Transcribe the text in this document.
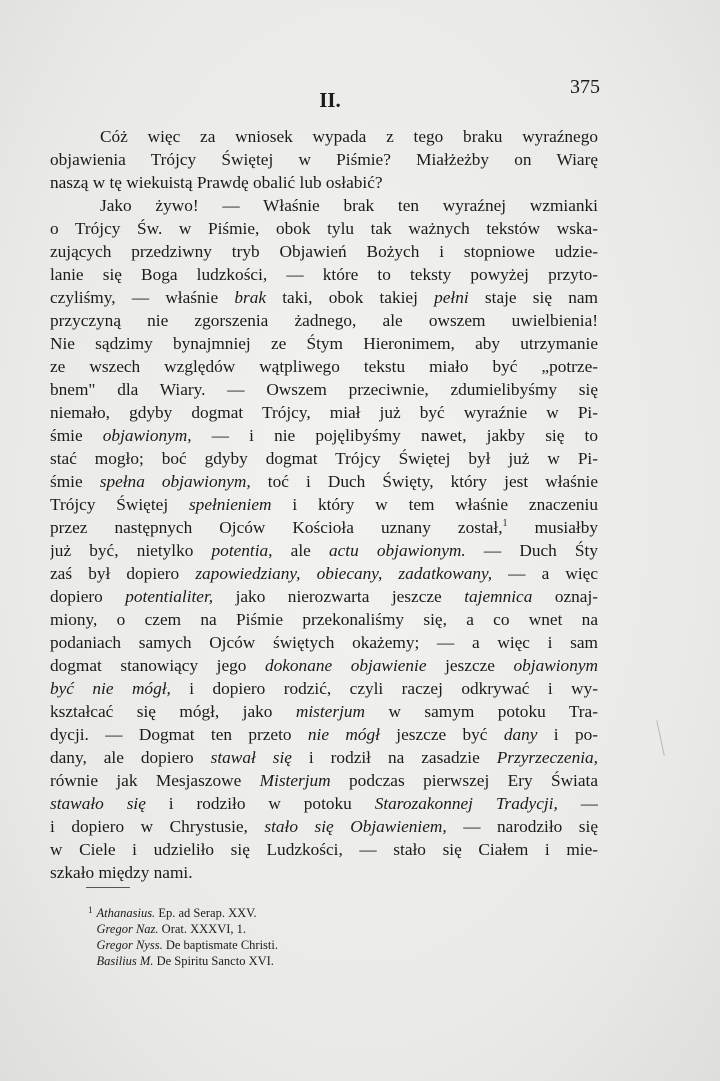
375
II.
Cóż więc za wniosek wypada z tego braku wyraźnego
objawienia Trójcy Świętej w Piśmie? Miałżeżby on Wiarę
naszą w tę wiekuistą Prawdę obalić lub osłabić?
Jako żywo! — Właśnie brak ten wyraźnej wzmianki
o Trójcy Św. w Piśmie, obok tylu tak ważnych tekstów wska-
zujących przedziwny tryb Objawień Bożych i stopniowe udzie-
lanie się Boga ludzkości, — które to teksty powyżej przyto-
czyliśmy, — właśnie brak taki, obok takiej pełni staje się nam
przyczyną nie zgorszenia żadnego, ale owszem uwielbienia!
Nie sądzimy bynajmniej ze Śtym Hieronimem, aby utrzymanie
ze wszech względów wątpliwego tekstu miało być „potrze-
bnem" dla Wiary. — Owszem przeciwnie, zdumielibyśmy się
niemało, gdyby dogmat Trójcy, miał już być wyraźnie w Pi-
śmie objawionym, — i nie pojęlibyśmy nawet, jakby się to
stać mogło; boć gdyby dogmat Trójcy Świętej był już w Pi-
śmie spełna objawionym, toć i Duch Święty, który jest właśnie
Trójcy Świętej spełnieniem i który w tem właśnie znaczeniu
przez następnych Ojców Kościoła uznany został,$^1$ musiałby
już być, nietylko potentia, ale actu objawionym. — Duch Śty
zaś był dopiero zapowiedziany, obiecany, zadatkowany, — a więc
dopiero potentialiter, jako nierozwarta jeszcze tajemnica oznaj-
miony, o czem na Piśmie przekonaliśmy się, a co wnet na
podaniach samych Ojców świętych okażemy; — a więc i sam
dogmat stanowiący jego dokonane objawienie jeszcze objawionym
być nie mógł, i dopiero rodzić, czyli raczej odkrywać i wy-
kształcać się mógł, jako misterjum w samym potoku Tra-
dycji. — Dogmat ten przeto nie mógł jeszcze być dany i po-
dany, ale dopiero stawał się i rodził na zasadzie Przyrzeczenia,
równie jak Mesjaszowe Misterjum podczas pierwszej Ery Świata
stawało się i rodziło w potoku Starozakonnej Tradycji, —
i dopiero w Chrystusie, stało się Objawieniem, — narodziło się
w Ciele i udzieliło się Ludzkości, — stało się Ciałem i mie-
szkało między nami.
$^1$ Athanasius. Ep. ad Serap. XXV.
Gregor Naz. Orat. XXXVI, 1.
Gregor Nyss. De baptismate Christi.
Basilius M. De Spiritu Sancto XVI.
